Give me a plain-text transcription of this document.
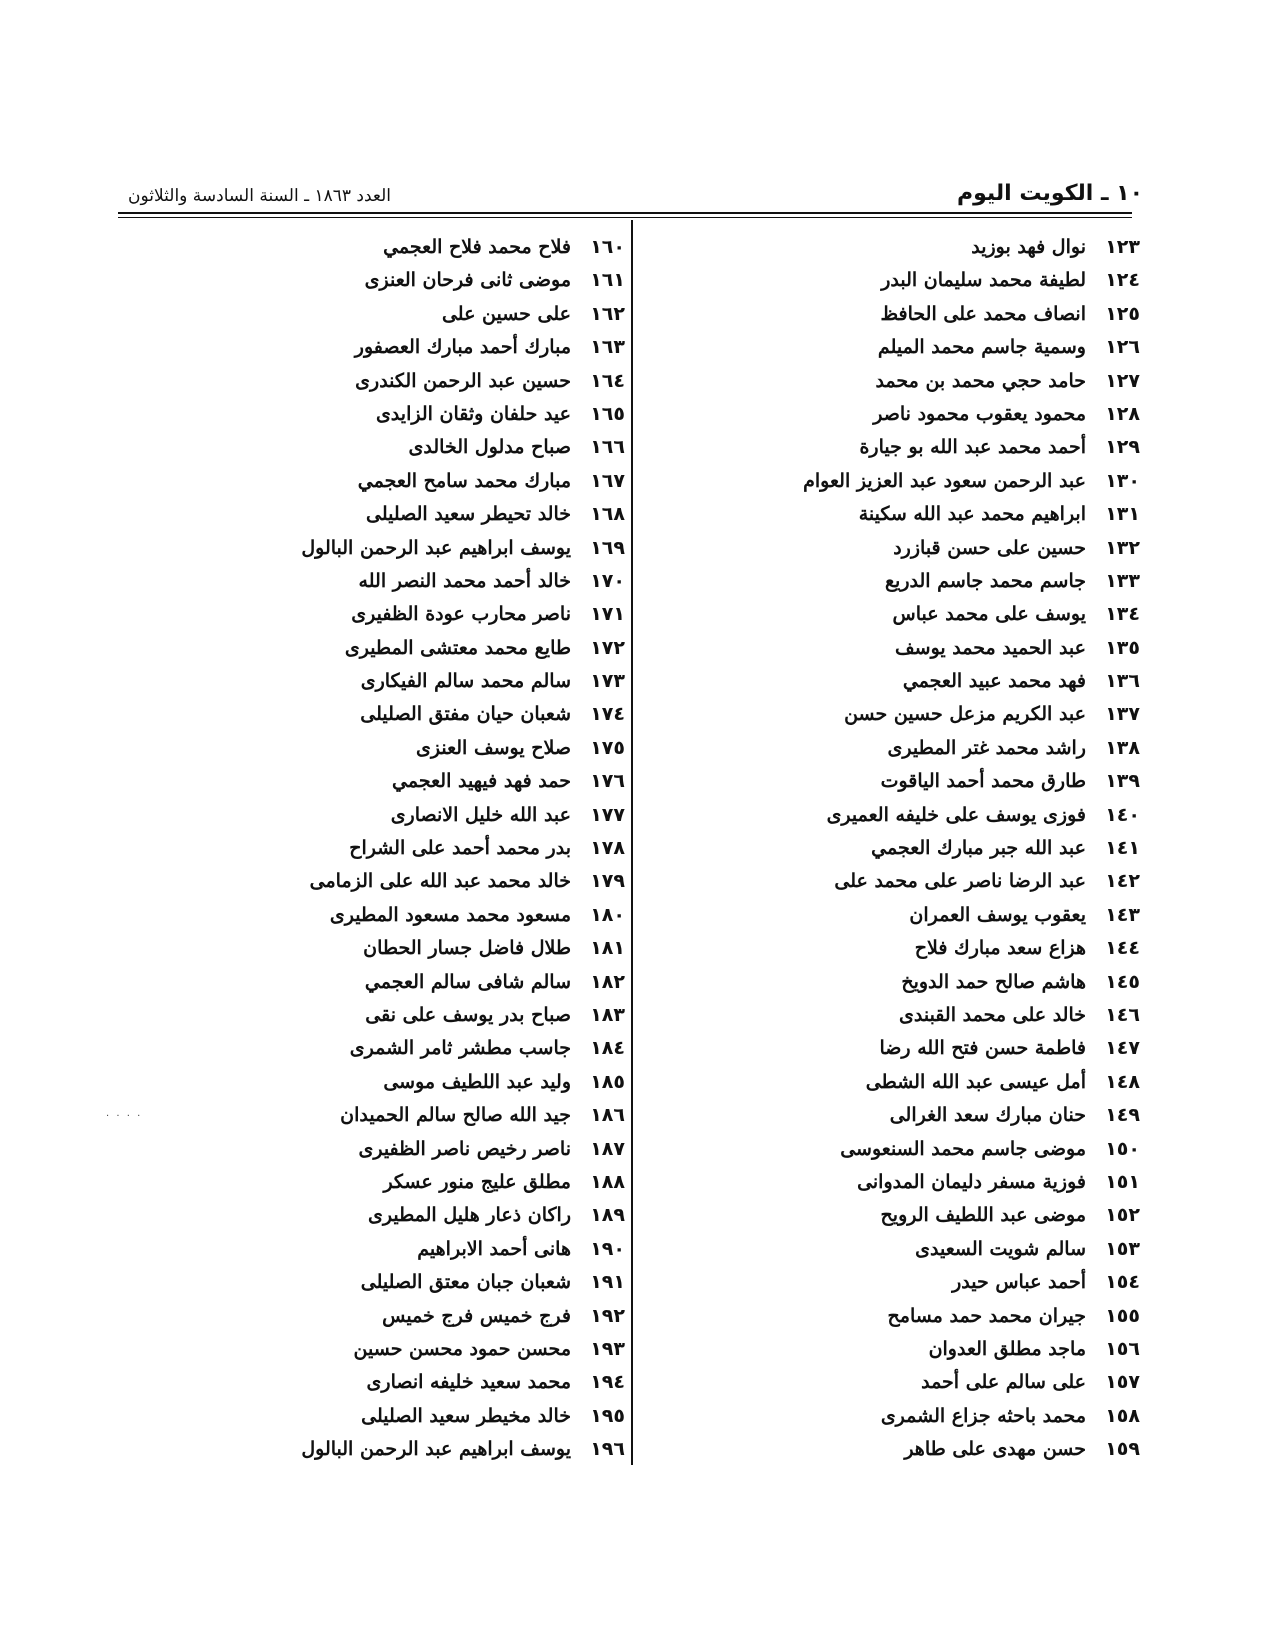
١٠ ـ الكويت اليوم
العدد ١٨٦٣ ـ السنة السادسة والثلاثون
١٢٣نوال فهد بوزيد
١٢٤لطيفة محمد سليمان البدر
١٢٥انصاف محمد على الحافظ
١٢٦وسمية جاسم محمد الميلم
١٢٧حامد حجي محمد بن محمد
١٢٨محمود يعقوب محمود ناصر
١٢٩أحمد محمد عبد الله بو جيارة
١٣٠عبد الرحمن سعود عبد العزيز العوام
١٣١ابراهيم محمد عبد الله سكينة
١٣٢حسين على حسن قبازرد
١٣٣جاسم محمد جاسم الدريع
١٣٤يوسف على محمد عباس
١٣٥عبد الحميد محمد يوسف
١٣٦فهد محمد عبيد العجمي
١٣٧عبد الكريم مزعل حسين حسن
١٣٨راشد محمد غتر المطيرى
١٣٩طارق محمد أحمد الياقوت
١٤٠فوزى يوسف على خليفه العميرى
١٤١عبد الله جبر مبارك العجمي
١٤٢عبد الرضا ناصر على محمد على
١٤٣يعقوب يوسف العمران
١٤٤هزاع سعد مبارك فلاح
١٤٥هاشم صالح حمد الدويخ
١٤٦خالد على محمد القبندى
١٤٧فاطمة حسن فتح الله رضا
١٤٨أمل عيسى عبد الله الشطى
١٤٩حنان مبارك سعد الغرالى
١٥٠موضى جاسم محمد السنعوسى
١٥١فوزية مسفر دليمان المدوانى
١٥٢موضى عبد اللطيف الرويح
١٥٣سالم شويت السعيدى
١٥٤أحمد عباس حيدر
١٥٥جيران محمد حمد مسامح
١٥٦ماجد مطلق العدوان
١٥٧على سالم على أحمد
١٥٨محمد باحثه جزاع الشمرى
١٥٩حسن مهدى على طاهر
١٦٠فلاح محمد فلاح العجمي
١٦١موضى ثانى فرحان العنزى
١٦٢على حسين على
١٦٣مبارك أحمد مبارك العصفور
١٦٤حسين عبد الرحمن الكندرى
١٦٥عيد حلفان وثقان الزايدى
١٦٦صباح مدلول الخالدى
١٦٧مبارك محمد سامح العجمي
١٦٨خالد تحيطر سعيد الصليلى
١٦٩يوسف ابراهيم عبد الرحمن البالول
١٧٠خالد أحمد محمد النصر الله
١٧١ناصر محارب عودة الظفيرى
١٧٢طايع محمد معتشى المطيرى
١٧٣سالم محمد سالم الفيكارى
١٧٤شعبان حيان مفتق الصليلى
١٧٥صلاح يوسف العنزى
١٧٦حمد فهد فيهيد العجمي
١٧٧عبد الله خليل الانصارى
١٧٨بدر محمد أحمد على الشراح
١٧٩خالد محمد عبد الله على الزمامى
١٨٠مسعود محمد مسعود المطيرى
١٨١طلال فاضل جسار الحطان
١٨٢سالم شافى سالم العجمي
١٨٣صباح بدر يوسف على نقى
١٨٤جاسب مطشر ثامر الشمرى
١٨٥وليد عبد اللطيف موسى
١٨٦جيد الله صالح سالم الحميدان
١٨٧ناصر رخيص ناصر الظفيرى
١٨٨مطلق عليج منور عسكر
١٨٩راكان ذعار هليل المطيرى
١٩٠هانى أحمد الابراهيم
١٩١شعبان جبان معتق الصليلى
١٩٢فرج خميس فرج خميس
١٩٣محسن حمود محسن حسين
١٩٤محمد سعيد خليفه انصارى
١٩٥خالد مخيطر سعيد الصليلى
١٩٦يوسف ابراهيم عبد الرحمن البالول
. . . .
